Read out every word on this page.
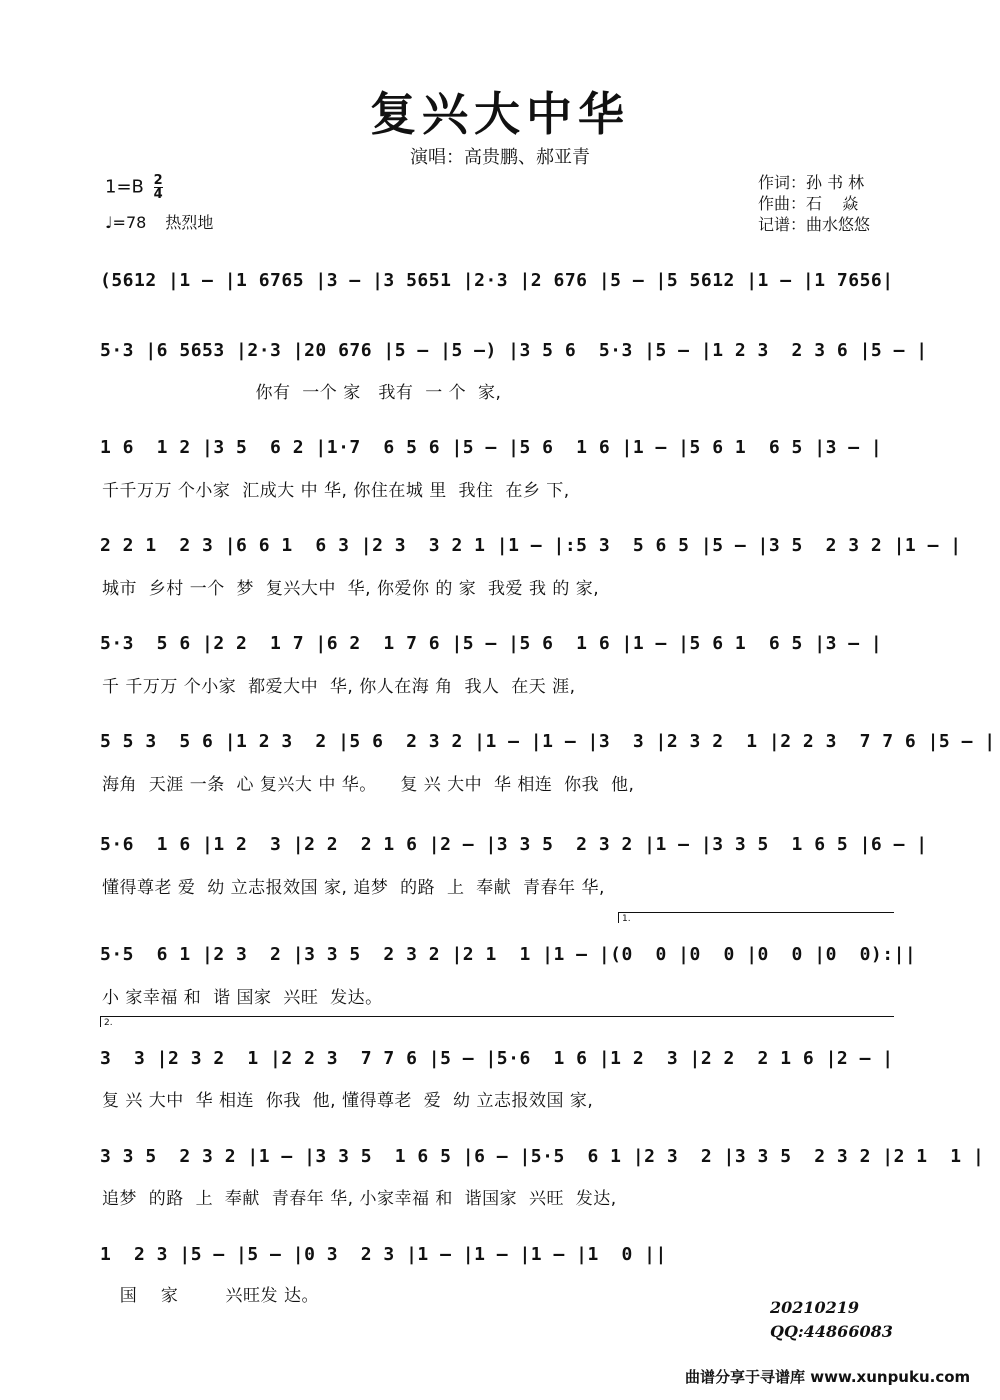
复兴大中华
演唱：高贵鹏、郝亚青
$1=B \frac{2}{4}$
♩=78 热烈地
作词：孙 书 林
作曲：石    焱
记谱：曲水悠悠
(5612 |1 – |1 6765 |3 – |3 5651 |2·3 |2 676 |5 – |5 5612 |1 – |1 7656|
5·3 |6 5653 |2·3 |20 676 |5 – |5 –) |3 5 6  5·3 |5 – |1 2 3  2 3 6 |5 – |
你有  一个 家   我有  一 个  家,
1 6  1 2 |3 5  6 2 |1·7  6 5 6 |5 – |5 6  1 6 |1 – |5 6 1  6 5 |3 – |
千千万万 个小家  汇成大 中 华, 你住在城 里  我住  在乡 下,
2 2 1  2 3 |6 6 1  6 3 |2 3  3 2 1 |1 – |:5 3  5 6 5 |5 – |3 5  2 3 2 |1 – |
城市  乡村 一个  梦  复兴大中  华, 你爱你 的 家  我爱 我 的 家,
5·3  5 6 |2 2  1 7 |6 2  1 7 6 |5 – |5 6  1 6 |1 – |5 6 1  6 5 |3 – |
千 千万万 个小家  都爱大中  华, 你人在海 角  我人  在天 涯,
5 5 3  5 6 |1 2 3  2 |5 6  2 3 2 |1 – |1 – |3  3 |2 3 2  1 |2 2 3  7 7 6 |5 – |
海角  天涯 一条  心 复兴大 中 华。    复 兴 大中  华 相连  你我  他,
5·6  1 6 |1 2  3 |2 2  2 1 6 |2 – |3 3 5  2 3 2 |1 – |3 3 5  1 6 5 |6 – |
懂得尊老 爱  幼 立志报效国 家, 追梦  的路  上  奉献  青春年 华,
1.
5·5  6 1 |2 3  2 |3 3 5  2 3 2 |2 1  1 |1 – |(0  0 |0  0 |0  0 |0  0):||
小 家幸福 和  谐 国家  兴旺  发达。
2.
3  3 |2 3 2  1 |2 2 3  7 7 6 |5 – |5·6  1 6 |1 2  3 |2 2  2 1 6 |2 – |
复 兴 大中  华 相连  你我  他, 懂得尊老  爱  幼 立志报效国 家,
3 3 5  2 3 2 |1 – |3 3 5  1 6 5 |6 – |5·5  6 1 |2 3  2 |3 3 5  2 3 2 |2 1  1 |
追梦  的路  上  奉献  青春年 华, 小家幸福 和  谐国家  兴旺  发达,
1  2 3 |5 – |5 – |0 3  2 3 |1 – |1 – |1 – |1  0 ||
国    家        兴旺发 达。
20210219
QQ:44866083
曲谱分享于寻谱库 www.xunpuku.com
